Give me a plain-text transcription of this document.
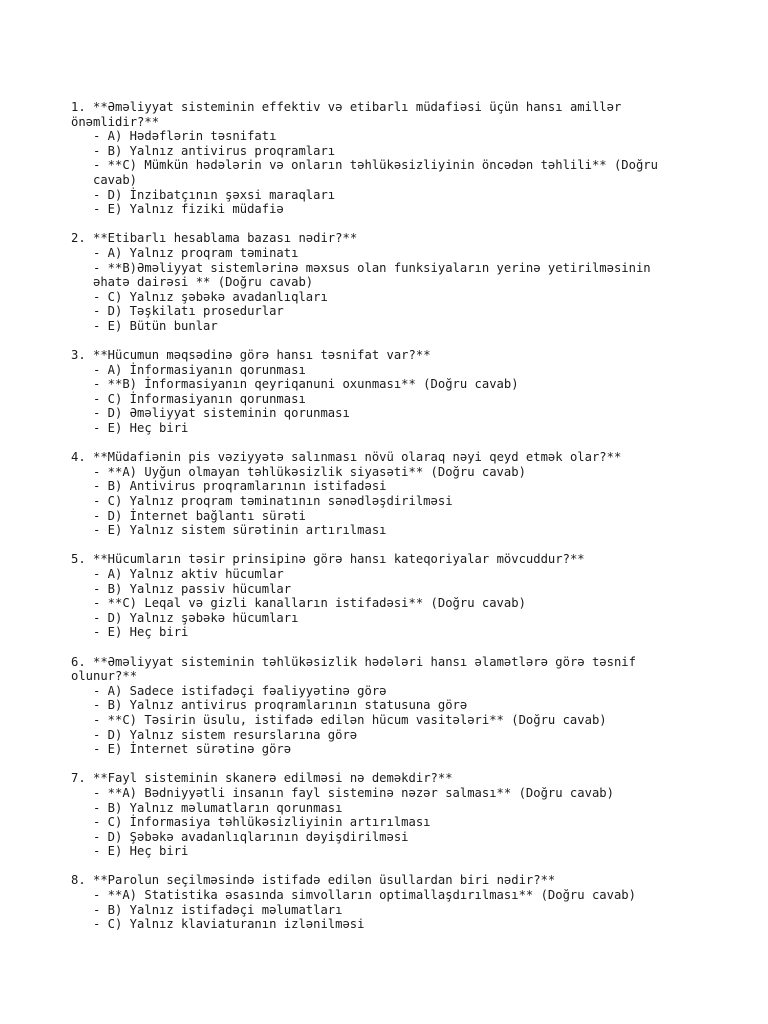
1. **Əməliyyat sisteminin effektiv və etibarlı müdafiəsi üçün hansı amillər önəmlidir?**
- A) Hədəflərin təsnifatı
- B) Yalnız antivirus proqramları
- **C) Mümkün hədələrin və onların təhlükəsizliyinin öncədən təhlili** (Doğru cavab)
- D) İnzibatçının şəxsi maraqları
- E) Yalnız fiziki müdafiə
2. **Etibarlı hesablama bazası nədir?**
- A) Yalnız proqram təminatı
- **B)Əməliyyat sistemlərinə məxsus olan funksiyaların yerinə yetirilməsinin əhatə dairəsi ** (Doğru cavab)
- C) Yalnız şəbəkə avadanlıqları
- D) Təşkilatı prosedurlar
- E) Bütün bunlar
3. **Hücumun məqsədinə görə hansı təsnifat var?**
- A) İnformasiyanın qorunması
- **B) İnformasiyanın qeyriqanuni oxunması** (Doğru cavab)
- C) İnformasiyanın qorunması
- D) Əməliyyat sisteminin qorunması
- E) Heç biri
4. **Müdafiənin pis vəziyyətə salınması növü olaraq nəyi qeyd etmək olar?**
- **A) Uyğun olmayan təhlükəsizlik siyasəti** (Doğru cavab)
- B) Antivirus proqramlarının istifadəsi
- C) Yalnız proqram təminatının sənədləşdirilməsi
- D) İnternet bağlantı sürəti
- E) Yalnız sistem sürətinin artırılması
5. **Hücumların təsir prinsipinə görə hansı kateqoriyalar mövcuddur?**
- A) Yalnız aktiv hücumlar
- B) Yalnız passiv hücumlar
- **C) Leqal və gizli kanalların istifadəsi** (Doğru cavab)
- D) Yalnız şəbəkə hücumları
- E) Heç biri
6. **Əməliyyat sisteminin təhlükəsizlik hədələri hansı əlamətlərə görə təsnif olunur?**
- A) Sadece istifadəçi fəaliyyətinə görə
- B) Yalnız antivirus proqramlarının statusuna görə
- **C) Təsirin üsulu, istifadə edilən hücum vasitələri** (Doğru cavab)
- D) Yalnız sistem resurslarına görə
- E) İnternet sürətinə görə
7. **Fayl sisteminin skanerə edilməsi nə deməkdir?**
- **A) Bədniyyətli insanın fayl sisteminə nəzər salması** (Doğru cavab)
- B) Yalnız məlumatların qorunması
- C) İnformasiya təhlükəsizliyinin artırılması
- D) Şəbəkə avadanlıqlarının dəyişdirilməsi
- E) Heç biri
8. **Parolun seçilməsində istifadə edilən üsullardan biri nədir?**
- **A) Statistika əsasında simvolların optimallaşdırılması** (Doğru cavab)
- B) Yalnız istifadəçi məlumatları
- C) Yalnız klaviaturanın izlənilməsi
